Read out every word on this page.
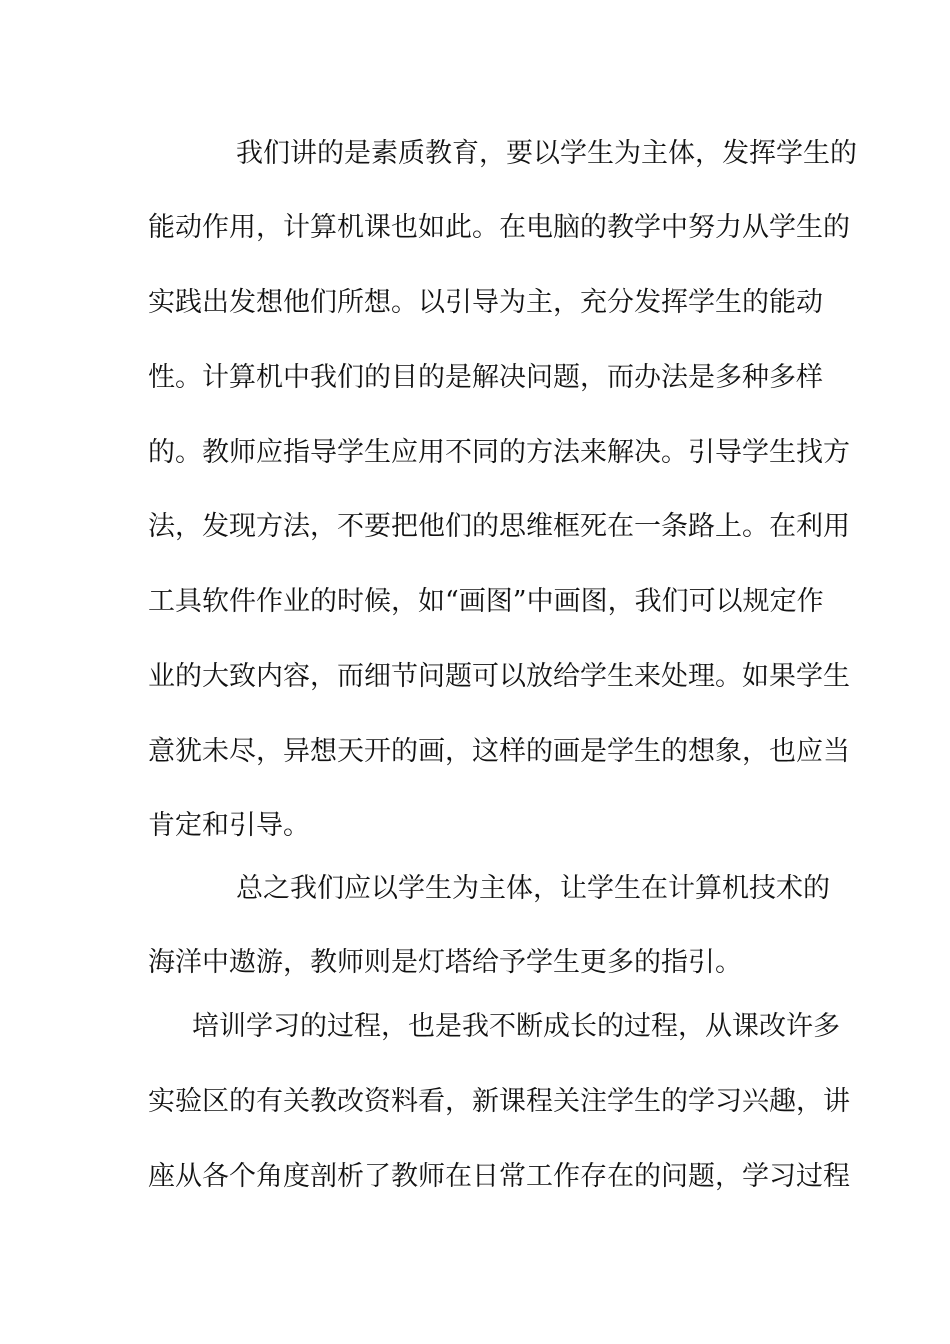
我们讲的是素质教育，要以学生为主体，发挥学生的

能动作用，计算机课也如此。在电脑的教学中努力从学生的

实践出发想他们所想。以引导为主，充分发挥学生的能动

性。计算机中我们的目的是解决问题，而办法是多种多样

的。教师应指导学生应用不同的方法来解决。引导学生找方

法，发现方法，不要把他们的思维框死在一条路上。在利用

工具软件作业的时候，如“画图”中画图，我们可以规定作

业的大致内容，而细节问题可以放给学生来处理。如果学生

意犹未尽，异想天开的画，这样的画是学生的想象，也应当

肯定和引导。

总之我们应以学生为主体，让学生在计算机技术的

海洋中遨游，教师则是灯塔给予学生更多的指引。

培训学习的过程，也是我不断成长的过程，从课改许多

实验区的有关教改资料看，新课程关注学生的学习兴趣，讲

座从各个角度剖析了教师在日常工作存在的问题，学习过程
